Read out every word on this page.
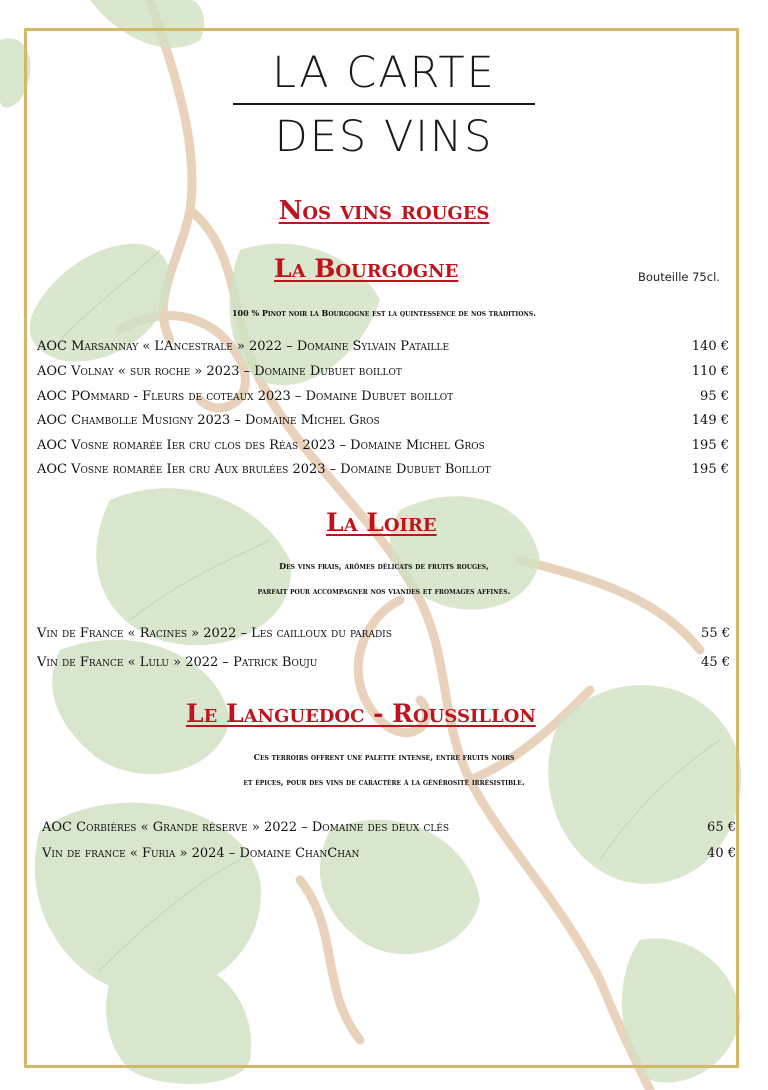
LA CARTE
DES VINS
Nos vins rouges
La Bourgogne	Bouteille 75cl.
100 % Pinot noir la Bourgogne est la quintessence de nos traditions.
AOC Marsannay « L’Ancestrale » 2022 – Domaine Sylvain Pataille	140 €
AOC Volnay « sur roche » 2023 – Domaine Dubuet boillot	110 €
AOC POmmard - Fleurs de coteaux 2023 – Domaine Dubuet boillot	95 €
AOC Chambolle Musigny 2023 – Domaine Michel Gros	149 €
AOC Vosne romarée Ier cru clos des Réas 2023 – Domaine Michel Gros	195 €
AOC Vosne romarée Ier cru Aux brulées 2023 – Domaine Dubuet Boillot	195 €
La Loire
Des vins frais, arômes délicats de fruits rouges,
parfait pour accompagner nos viandes et fromages affinés.
Vin de France « Racines » 2022 – Les cailloux du paradis	55 €
Vin de France « Lulu » 2022 – Patrick Bouju	45 €
Le Languedoc - Roussillon
Ces terroirs offrent une palette intense, entre fruits noirs
et épices, pour des vins de caractère à la générosité irrésistible.
AOC Corbières « Grande réserve » 2022 – Domaine des deux clés	65 €
Vin de france « Furia » 2024 – Domaine ChanChan	40 €
